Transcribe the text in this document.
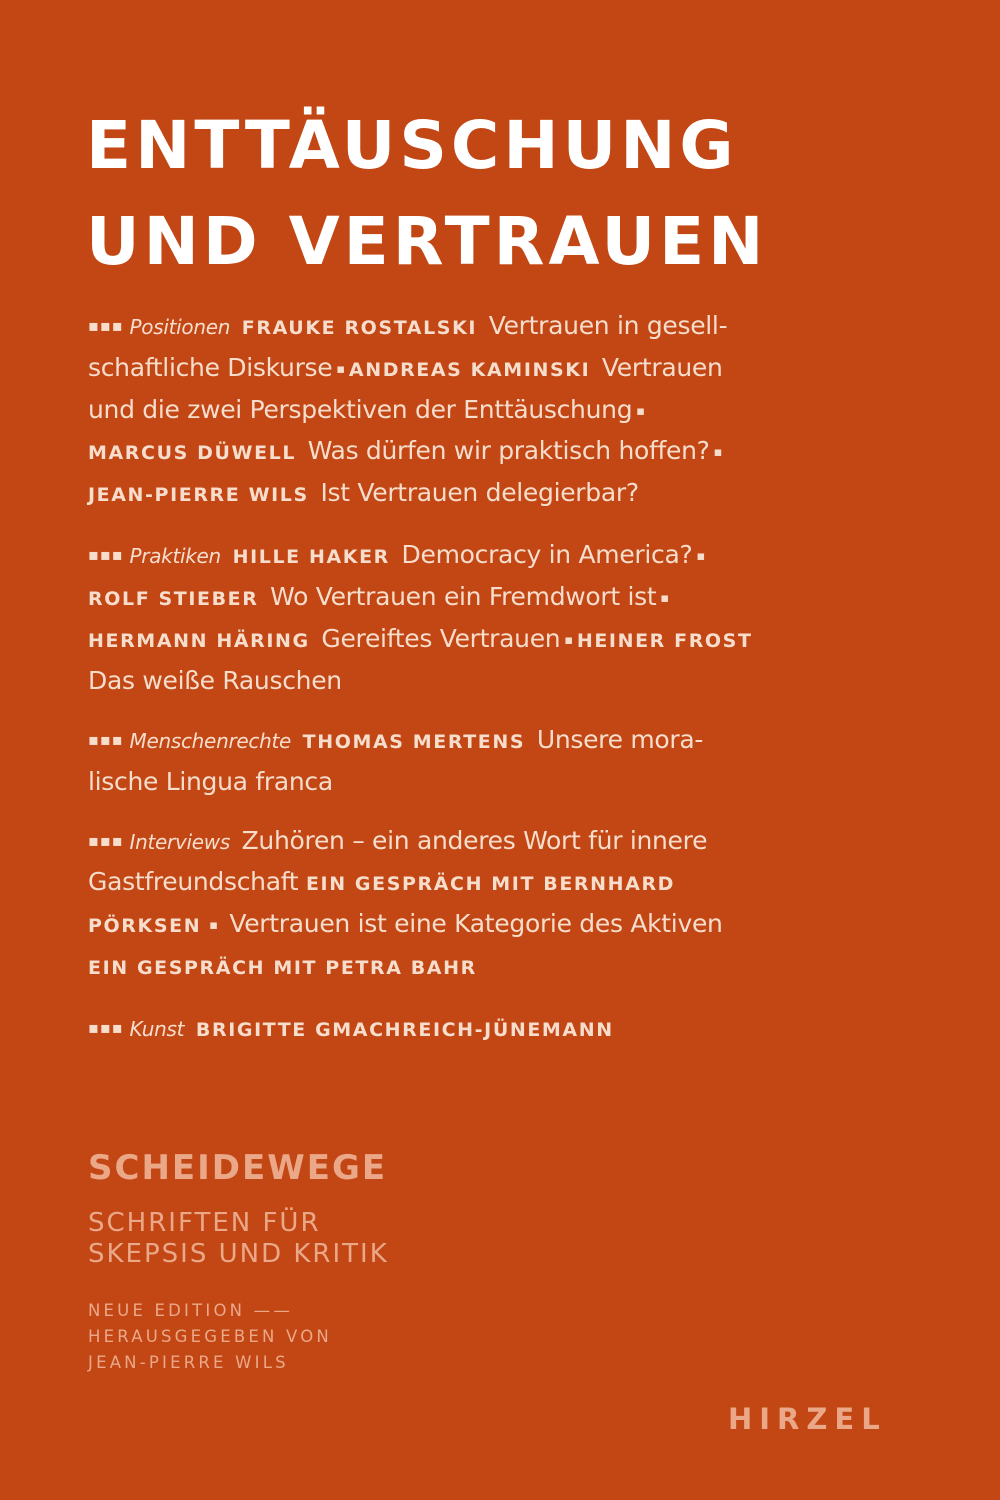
ENTTÄUSCHUNG
UND VERTRAUEN
▪▪▪ Positionen FRAUKE ROSTALSKI Vertrauen in gesell-
schaftliche Diskurse ▪ ANDREAS KAMINSKI Vertrauen
und die zwei Perspektiven der Enttäuschung ▪
MARCUS DÜWELL Was dürfen wir praktisch hoffen? ▪
JEAN-PIERRE WILS Ist Vertrauen delegierbar?
▪▪▪ Praktiken HILLE HAKER Democracy in America? ▪
ROLF STIEBER Wo Vertrauen ein Fremdwort ist ▪
HERMANN HÄRING Gereiftes Vertrauen ▪ HEINER FROST
Das weiße Rauschen
▪▪▪ Menschenrechte THOMAS MERTENS Unsere mora-
lische Lingua franca
▪▪▪ Interviews Zuhören – ein anderes Wort für innere
Gastfreundschaft EIN GESPRÄCH MIT BERNHARD
PÖRKSEN ▪ Vertrauen ist eine Kategorie des Aktiven
EIN GESPRÄCH MIT PETRA BAHR
▪▪▪ Kunst BRIGITTE GMACHREICH-JÜNEMANN
SCHEIDEWEGE
SCHRIFTEN FÜR
SKEPSIS UND KRITIK
NEUE EDITION ——
HERAUSGEGEBEN VON
JEAN-PIERRE WILS
HIRZEL
